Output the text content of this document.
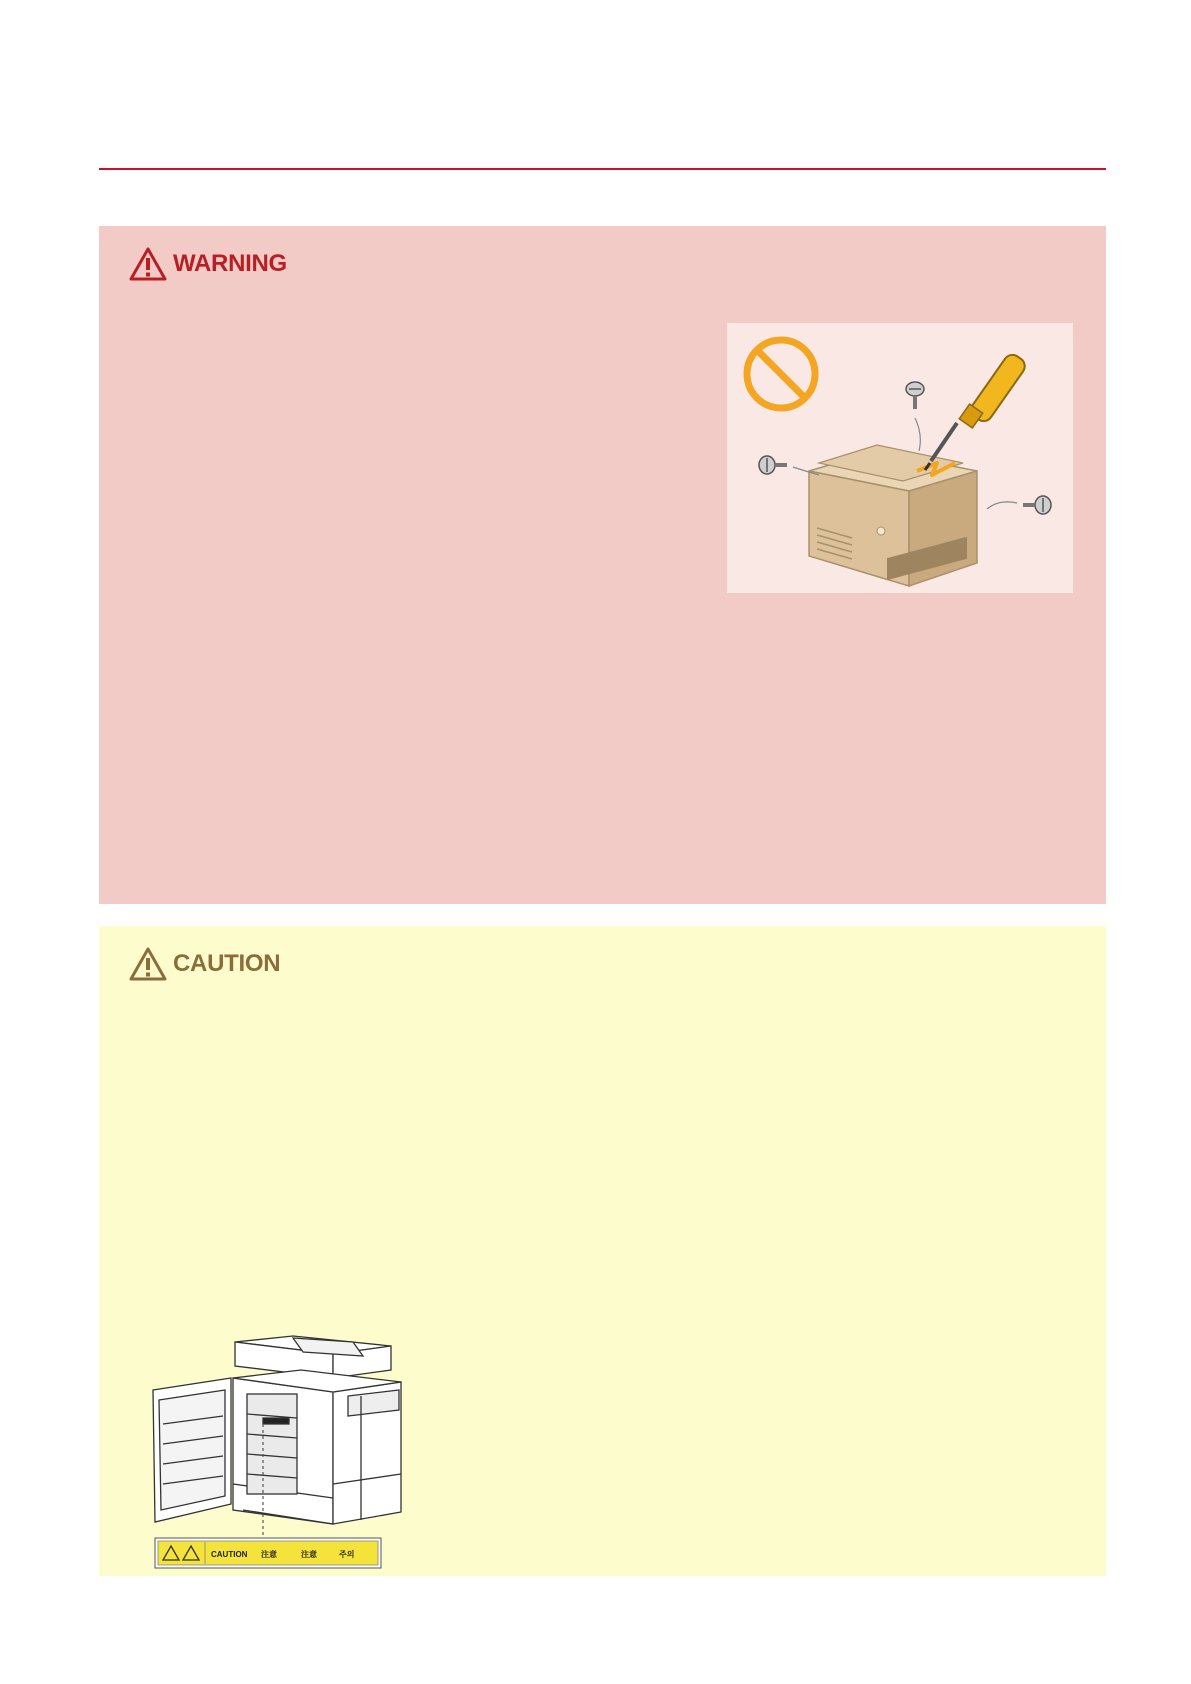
WARNING
CAUTION
CAUTION 注意	注意	주의
